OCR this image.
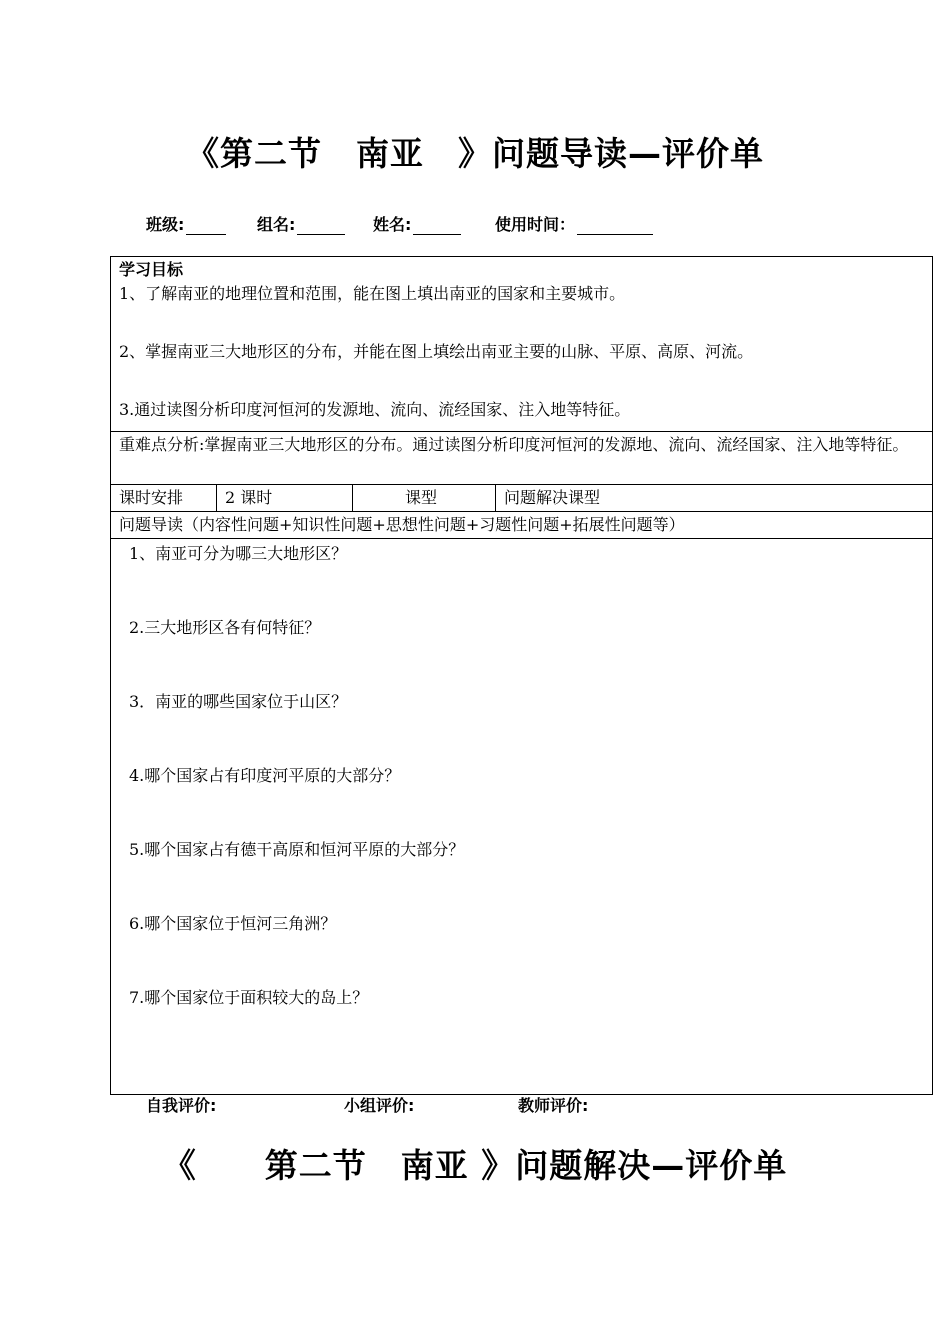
《第二节　南亚　》问题导读—评价单
班级:	组名:	姓名:	使用时间：
学习目标
1、了解南亚的地理位置和范围，能在图上填出南亚的国家和主要城市。
2、掌握南亚三大地形区的分布，并能在图上填绘出南亚主要的山脉、平原、高原、河流。
3.通过读图分析印度河恒河的发源地、流向、流经国家、注入地等特征。

重难点分析:掌握南亚三大地形区的分布。通过读图分析印度河恒河的发源地、流向、流经国家、注入地等特征。
课时安排	2 课时	课型	问题解决课型
问题导读（内容性问题+知识性问题+思想性问题+习题性问题+拓展性问题等）

1、南亚可分为哪三大地形区？
2.三大地形区各有何特征？
3．南亚的哪些国家位于山区？
4.哪个国家占有印度河平原的大部分？
5.哪个国家占有德干高原和恒河平原的大部分？
6.哪个国家位于恒河三角洲？
7.哪个国家位于面积较大的岛上？
自我评价:	小组评价:	教师评价:
《　　第二节　南亚 》问题解决—评价单
